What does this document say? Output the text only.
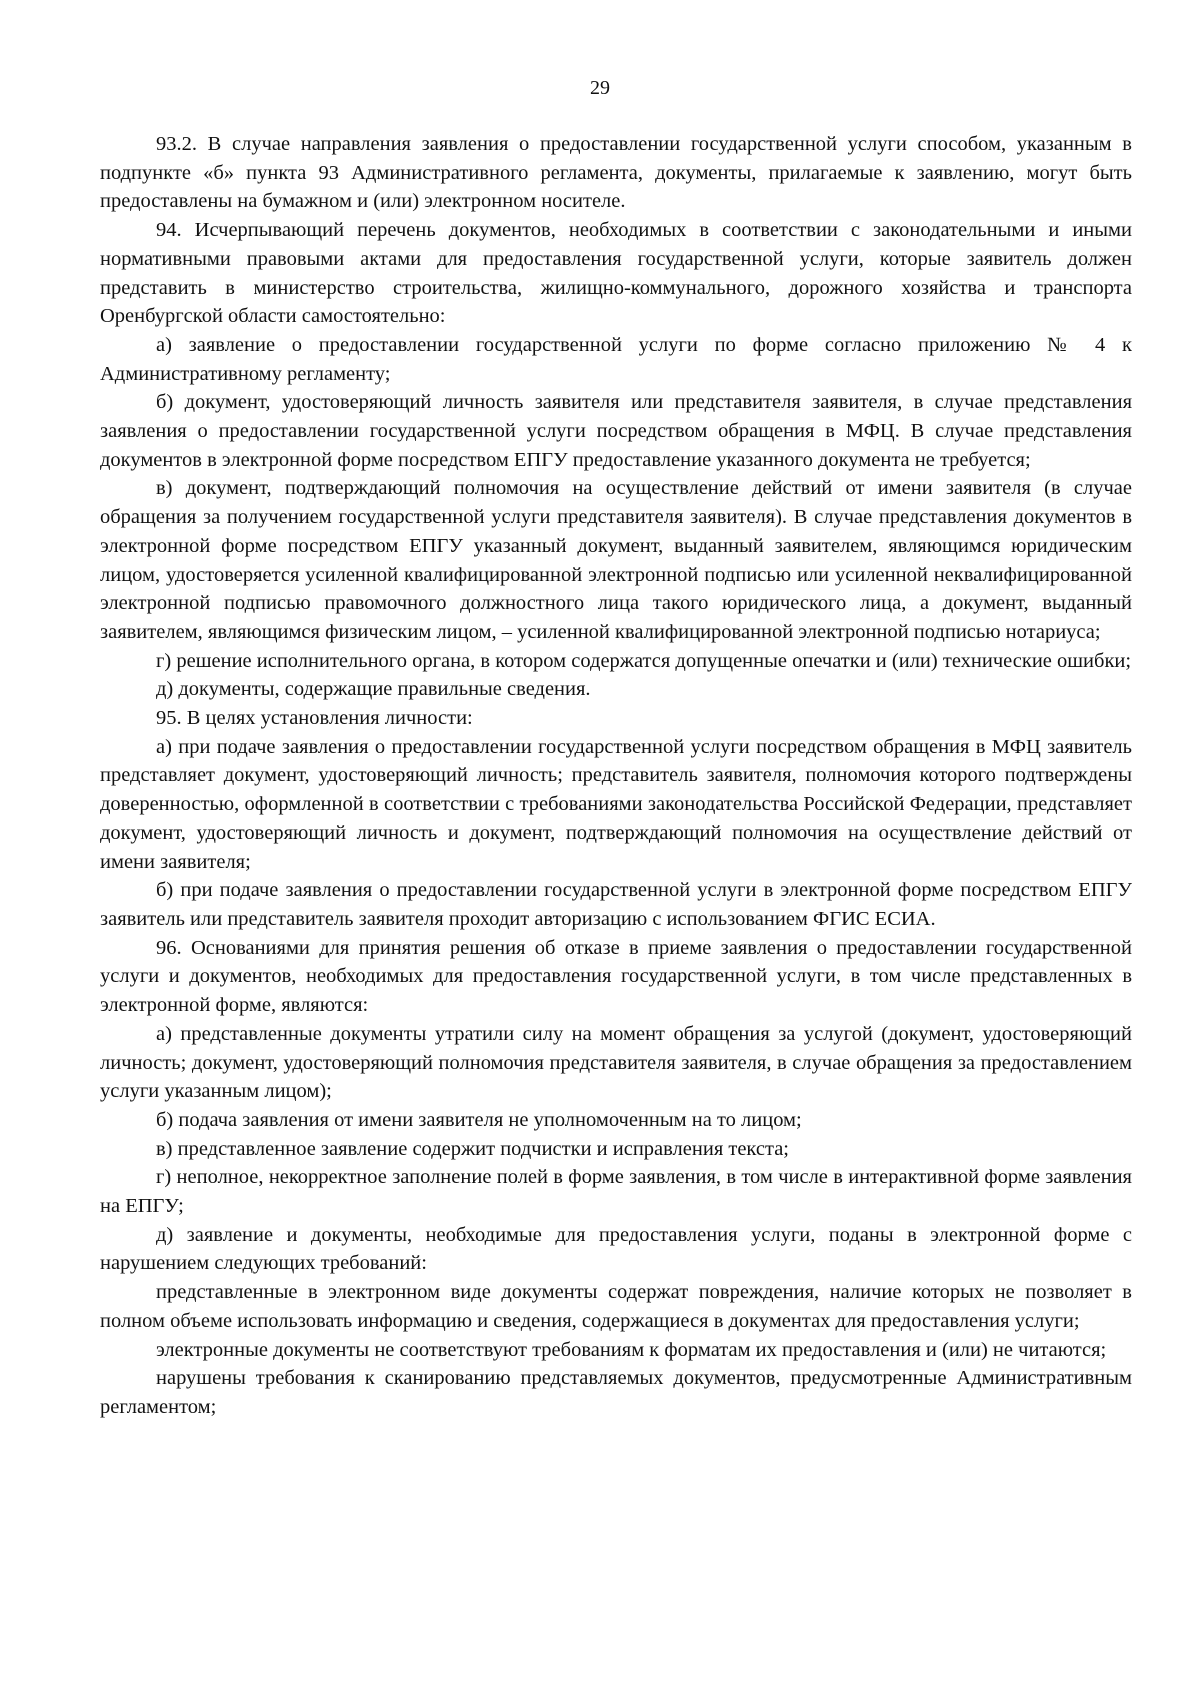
29

93.2. В случае направления заявления о предоставлении государственной услуги способом, указанным в подпункте «б» пункта 93 Административного регламента, документы, прилагаемые к заявлению, могут быть предоставлены на бумажном и (или) электронном носителе.

94. Исчерпывающий перечень документов, необходимых в соответствии с законодательными и иными нормативными правовыми актами для предоставления государственной услуги, которые заявитель должен представить в министерство строительства, жилищно-коммунального, дорожного хозяйства и транспорта Оренбургской области самостоятельно:

а) заявление о предоставлении государственной услуги по форме согласно приложению № 4 к Административному регламенту;

б) документ, удостоверяющий личность заявителя или представителя заявителя, в случае представления заявления о предоставлении государственной услуги посредством обращения в МФЦ. В случае представления документов в электронной форме посредством ЕПГУ предоставление указанного документа не требуется;

в) документ, подтверждающий полномочия на осуществление действий от имени заявителя (в случае обращения за получением государственной услуги представителя заявителя). В случае представления документов в электронной форме посредством ЕПГУ указанный документ, выданный заявителем, являющимся юридическим лицом, удостоверяется усиленной квалифицированной электронной подписью или усиленной неквалифицированной электронной подписью правомочного должностного лица такого юридического лица, а документ, выданный заявителем, являющимся физическим лицом, – усиленной квалифицированной электронной подписью нотариуса;

г) решение исполнительного органа, в котором содержатся допущенные опечатки и (или) технические ошибки;

д) документы, содержащие правильные сведения.

95. В целях установления личности:

а) при подаче заявления о предоставлении государственной услуги посредством обращения в МФЦ заявитель представляет документ, удостоверяющий личность; представитель заявителя, полномочия которого подтверждены доверенностью, оформленной в соответствии с требованиями законодательства Российской Федерации, представляет документ, удостоверяющий личность и документ, подтверждающий полномочия на осуществление действий от имени заявителя;

б) при подаче заявления о предоставлении государственной услуги в электронной форме посредством ЕПГУ заявитель или представитель заявителя проходит авторизацию с использованием ФГИС ЕСИА.

96. Основаниями для принятия решения об отказе в приеме заявления о предоставлении государственной услуги и документов, необходимых для предоставления государственной услуги, в том числе представленных в электронной форме, являются:

а) представленные документы утратили силу на момент обращения за услугой (документ, удостоверяющий личность; документ, удостоверяющий полномочия представителя заявителя, в случае обращения за предоставлением услуги указанным лицом);

б) подача заявления от имени заявителя не уполномоченным на то лицом;

в) представленное заявление содержит подчистки и исправления текста;

г) неполное, некорректное заполнение полей в форме заявления, в том числе в интерактивной форме заявления на ЕПГУ;

д) заявление и документы, необходимые для предоставления услуги, поданы в электронной форме с нарушением следующих требований:

представленные в электронном виде документы содержат повреждения, наличие которых не позволяет в полном объеме использовать информацию и сведения, содержащиеся в документах для предоставления услуги;

электронные документы не соответствуют требованиям к форматам их предоставления и (или) не читаются;

нарушены требования к сканированию представляемых документов, предусмотренные Административным регламентом;
